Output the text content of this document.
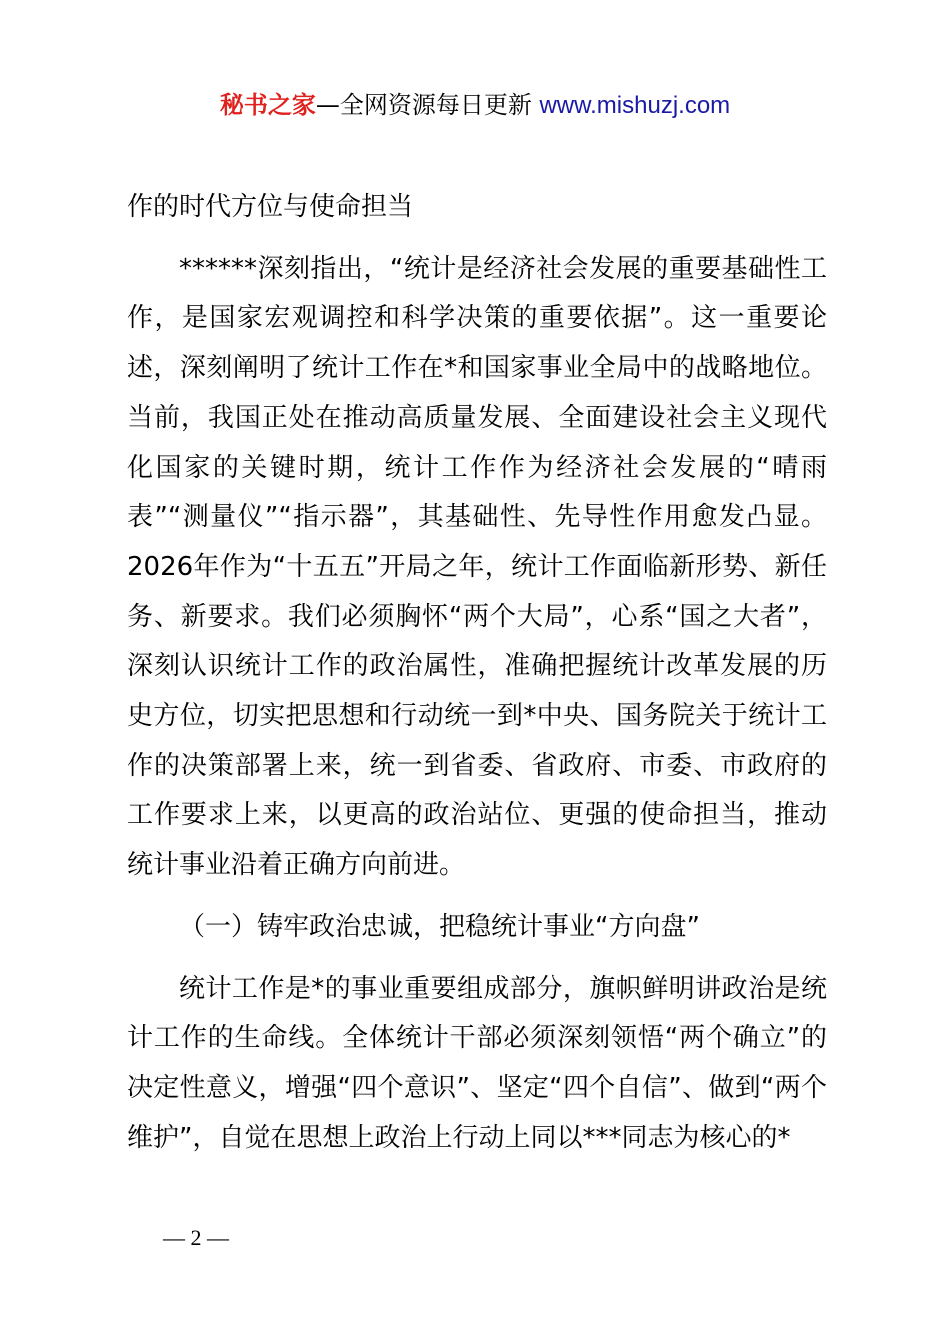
秘书之家—全网资源每日更新 www.mishuzj.com

作的时代方位与使命担当

******深刻指出，“统计是经济社会发展的重要基础性工作，是国家宏观调控和科学决策的重要依据”。这一重要论述，深刻阐明了统计工作在*和国家事业全局中的战略地位。当前，我国正处在推动高质量发展、全面建设社会主义现代化国家的关键时期，统计工作作为经济社会发展的“晴雨表”“测量仪”“指示器”，其基础性、先导性作用愈发凸显。2026年作为“十五五”开局之年，统计工作面临新形势、新任务、新要求。我们必须胸怀“两个大局”，心系“国之大者”，深刻认识统计工作的政治属性，准确把握统计改革发展的历史方位，切实把思想和行动统一到*中央、国务院关于统计工作的决策部署上来，统一到省委、省政府、市委、市政府的工作要求上来，以更高的政治站位、更强的使命担当，推动统计事业沿着正确方向前进。

（一）铸牢政治忠诚，把稳统计事业“方向盘”

统计工作是*的事业重要组成部分，旗帜鲜明讲政治是统计工作的生命线。全体统计干部必须深刻领悟“两个确立”的决定性意义，增强“四个意识”、坚定“四个自信”、做到“两个维护”，自觉在思想上政治上行动上同以***同志为核心的*

— 2 —
